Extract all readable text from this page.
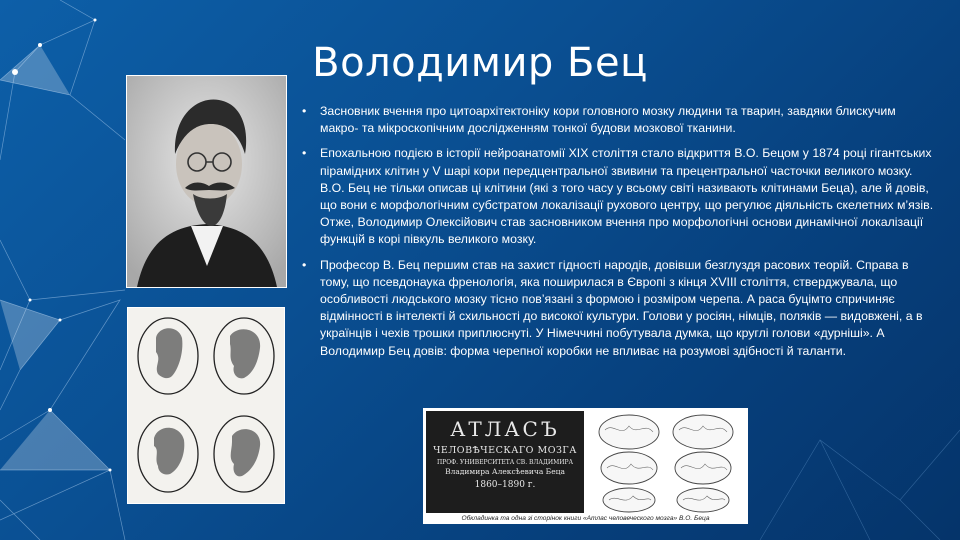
Володимир Бец
• Засновник вчення про цитоархітектоніку кори головного мозку людини та тварин, завдяки блискучим макро- та мікроскопічним дослідженням тонкої будови мозкової тканини.
• Епохальною подією в історії нейроанатомії XIX століття стало відкриття В.О. Бецом у 1874 році гігантських пірамідних клітин у V шарі кори передцентральної звивини та прецентральної часточки великого мозку. В.О. Бец не тільки описав ці клітини (які з того часу у всьому світі називають клітинами Беца), але й довів, що вони є морфологічним субстратом локалізації рухового центру, що регулює діяльність скелетних м’язів. Отже, Володимир Олексійович став засновником вчення про морфологічні основи динамічної локалізації функцій в корі півкуль великого мозку.
• Професор В. Бец першим став на захист гідності народів, довівши безглуздя расових теорій. Справа в тому, що псевдонаука френологія, яка поширилася в Європі з кінця XVIII століття, стверджувала, що особливості людського мозку тісно пов’язані з формою і розміром черепа. А раса буцімто спричиняє відмінності в інтелекті й схильності до високої культури. Голови у росіян, німців, поляків — видовжені, а в українців і чехів трошки приплюснуті. У Німеччині побутувала думка, що круглі голови «дурніші». А Володимир Бец довів: форма черепної коробки не впливає на розумові здібності й таланти.
АТЛАСЪ
ЧЕЛОВѢЧЕСКАГО МОЗГА
ПРОФ. УНИВЕРСИТЕТА СВ. ВЛАДИМИРА
Владимира Алексѣевича Беца
1860–1890 г.
Обкладинка та одна зі сторінок книги «Атлас человеческого мозга» В.О. Беца
